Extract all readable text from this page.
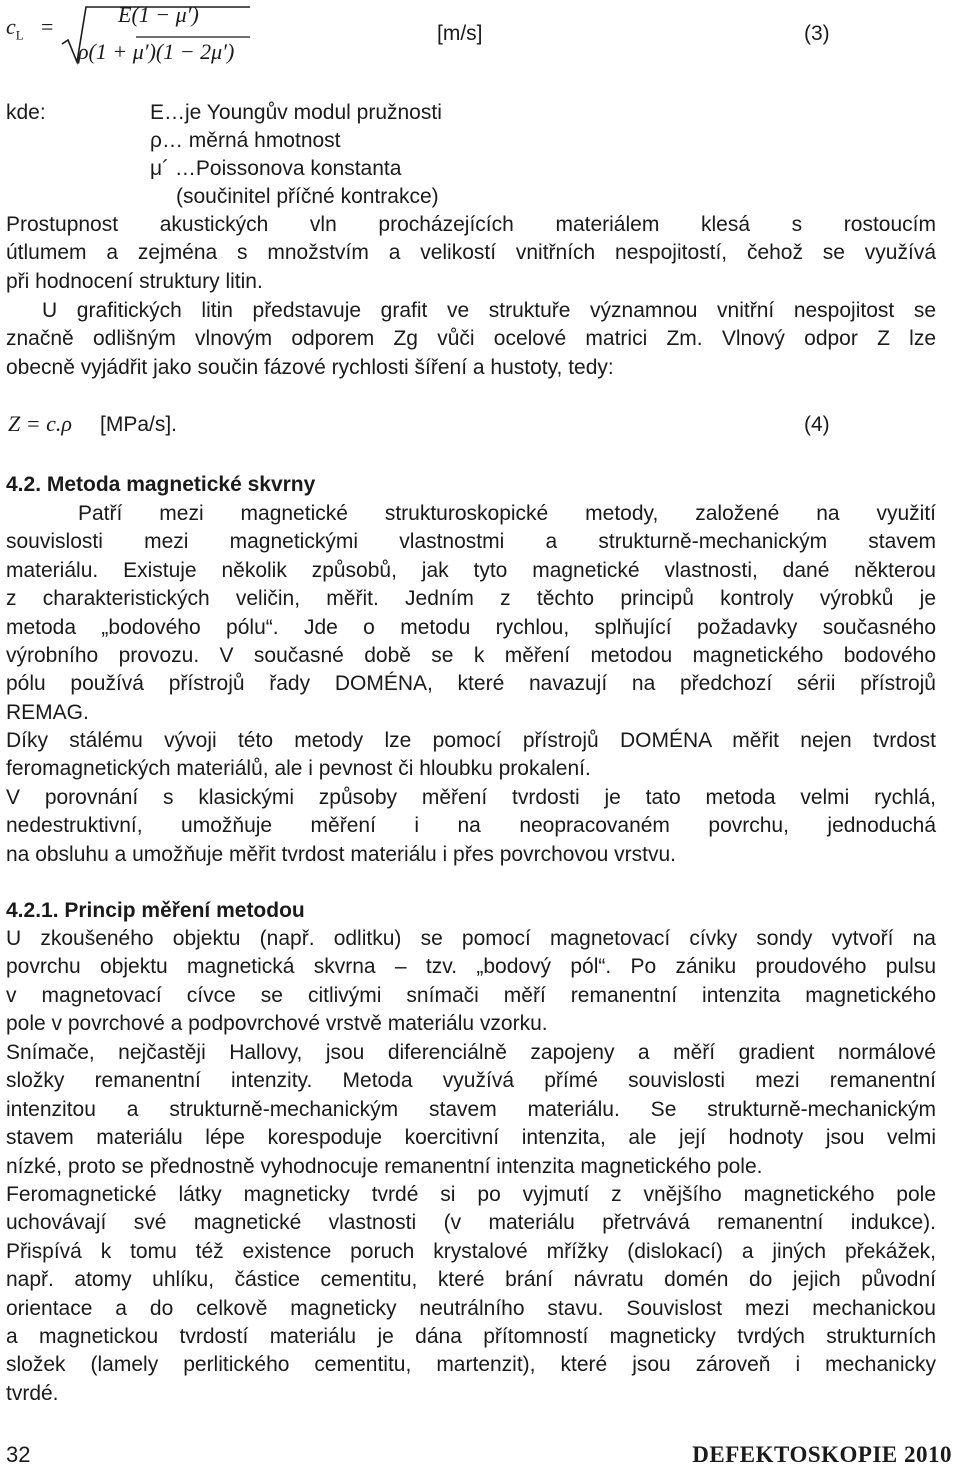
$c_L$ =	E(1 − μ′)
ρ(1 + μ′)(1 − 2μ′)
[m/s]	(3)
kde:	E…je Youngův modul pružnosti
ρ… měrná hmotnost
μ´ …Poissonova konstanta
(součinitel příčné kontrakce)
Prostupnost akustických vln procházejících materiálem klesá s rostoucím
útlumem a zejména s množstvím a velikostí vnitřních nespojitostí, čehož se využívá
při hodnocení struktury litin.
U grafitických litin představuje grafit ve struktuře významnou vnitřní nespojitost se
značně odlišným vlnovým odporem Zg vůči ocelové matrici Zm. Vlnový odpor Z lze
obecně vyjádřit jako součin fázové rychlosti šíření a hustoty, tedy:
Z = c.ρ [MPa/s].	(4)
4.2. Metoda magnetické skvrny
Patří mezi magnetické strukturoskopické metody, založené na využití
souvislosti mezi magnetickými vlastnostmi a strukturně-mechanickým stavem
materiálu. Existuje několik způsobů, jak tyto magnetické vlastnosti, dané některou
z charakteristických veličin, měřit. Jedním z těchto principů kontroly výrobků je
metoda „bodového pólu“. Jde o metodu rychlou, splňující požadavky současného
výrobního provozu. V současné době se k měření metodou magnetického bodového
pólu používá přístrojů řady DOMÉNA, které navazují na předchozí sérii přístrojů
REMAG.
Díky stálému vývoji této metody lze pomocí přístrojů DOMÉNA měřit nejen tvrdost
feromagnetických materiálů, ale i pevnost či hloubku prokalení.
V porovnání s klasickými způsoby měření tvrdosti je tato metoda velmi rychlá,
nedestruktivní, umožňuje měření i na neopracovaném povrchu, jednoduchá
na obsluhu a umožňuje měřit tvrdost materiálu i přes povrchovou vrstvu.
4.2.1. Princip měření metodou
U zkoušeného objektu (např. odlitku) se pomocí magnetovací cívky sondy vytvoří na
povrchu objektu magnetická skvrna – tzv. „bodový pól“. Po zániku proudového pulsu
v magnetovací cívce se citlivými snímači měří remanentní intenzita magnetického
pole v povrchové a podpovrchové vrstvě materiálu vzorku.
Snímače, nejčastěji Hallovy, jsou diferenciálně zapojeny a měří gradient normálové
složky remanentní intenzity. Metoda využívá přímé souvislosti mezi remanentní
intenzitou a strukturně-mechanickým stavem materiálu. Se strukturně-mechanickým
stavem materiálu lépe korespoduje koercitivní intenzita, ale její hodnoty jsou velmi
nízké, proto se přednostně vyhodnocuje remanentní intenzita magnetického pole.
Feromagnetické látky magneticky tvrdé si po vyjmutí z vnějšího magnetického pole
uchovávají své magnetické vlastnosti (v materiálu přetrvává remanentní indukce).
Přispívá k tomu též existence poruch krystalové mřížky (dislokací) a jiných překážek,
např. atomy uhlíku, částice cementitu, které brání návratu domén do jejich původní
orientace a do celkově magneticky neutrálního stavu. Souvislost mezi mechanickou
a magnetickou tvrdostí materiálu je dána přítomností magneticky tvrdých strukturních
složek (lamely perlitického cementitu, martenzit), které jsou zároveň i mechanicky
tvrdé.
32	DEFEKTOSKOPIE 2010
